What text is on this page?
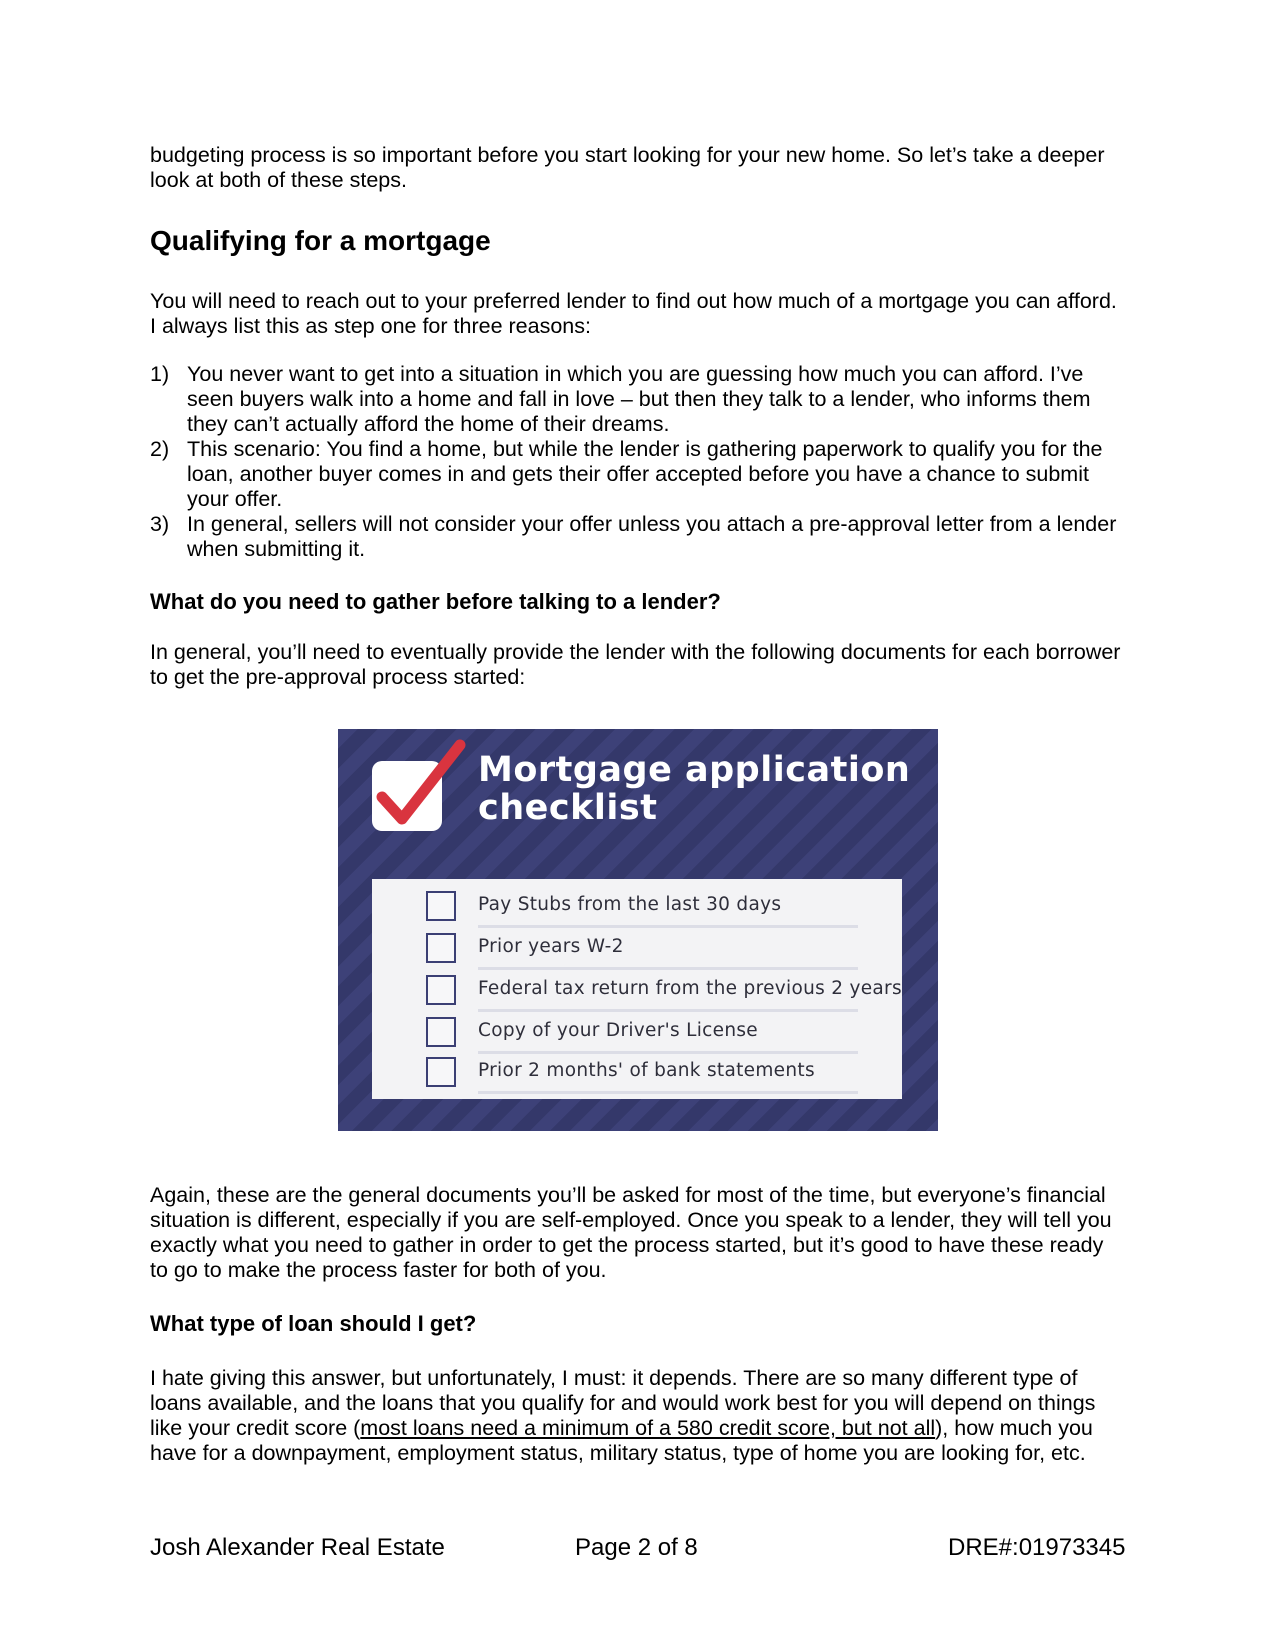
budgeting process is so important before you start looking for your new home. So let’s take a deeper look at both of these steps.

Qualifying for a mortgage

You will need to reach out to your preferred lender to find out how much of a mortgage you can afford. I always list this as step one for three reasons:

1) You never want to get into a situation in which you are guessing how much you can afford. I’ve seen buyers walk into a home and fall in love – but then they talk to a lender, who informs them they can’t actually afford the home of their dreams.
2) This scenario: You find a home, but while the lender is gathering paperwork to qualify you for the loan, another buyer comes in and gets their offer accepted before you have a chance to submit your offer.
3) In general, sellers will not consider your offer unless you attach a pre-approval letter from a lender when submitting it.
What do you need to gather before talking to a lender?

In general, you’ll need to eventually provide the lender with the following documents for each borrower to get the pre-approval process started:

Mortgage application checklist
Pay Stubs from the last 30 days
Prior years W-2
Federal tax return from the previous 2 years
Copy of your Driver's License
Prior 2 months' of bank statements

Again, these are the general documents you’ll be asked for most of the time, but everyone’s financial situation is different, especially if you are self-employed. Once you speak to a lender, they will tell you exactly what you need to gather in order to get the process started, but it’s good to have these ready to go to make the process faster for both of you.

What type of loan should I get?

I hate giving this answer, but unfortunately, I must: it depends. There are so many different type of loans available, and the loans that you qualify for and would work best for you will depend on things like your credit score (most loans need a minimum of a 580 credit score, but not all), how much you have for a downpayment, employment status, military status, type of home you are looking for, etc.

Josh Alexander Real Estate	Page 2 of 8	DRE#:01973345
